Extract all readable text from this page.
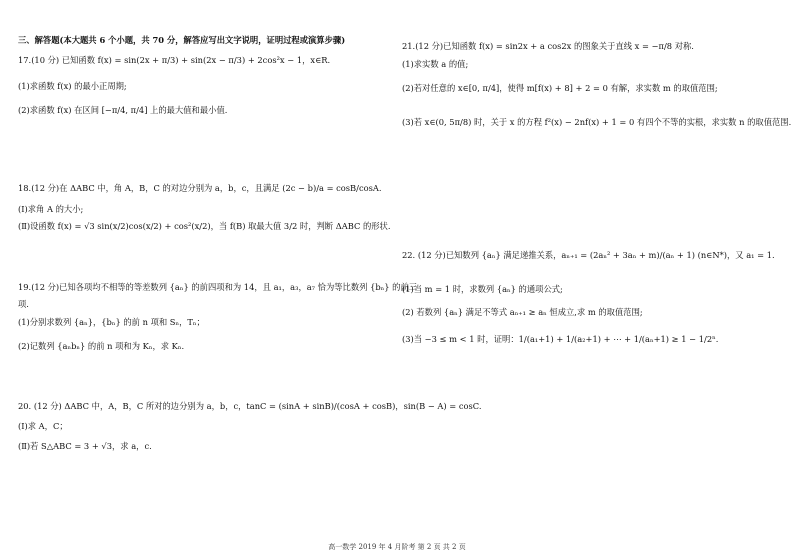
三、解答题(本大题共 6 个小题，共 70 分，解答应写出文字说明，证明过程或演算步骤)
17.(10 分) 已知函数 f(x) = sin(2x + π/3) + sin(2x − π/3) + 2cos²x − 1，x∈R.
(1)求函数 f(x) 的最小正周期;
(2)求函数 f(x) 在区间 [−π/4, π/4] 上的最大值和最小值.
18.(12 分)在 ΔABC 中，角 A，B，C 的对边分别为 a，b，c，且满足 (2c − b)/a = cosB/cosA.
(Ⅰ)求角 A 的大小;
(Ⅱ)设函数 f(x) = √3 sin(x/2)cos(x/2) + cos²(x/2)，当 f(B) 取最大值 3/2 时，判断 ΔABC 的形状.
19.(12 分)已知各项均不相等的等差数列 {aₙ} 的前四项和为 14，且 a₁，a₃，a₇ 恰为等比数列 {bₙ} 的前三
项.
(1)分别求数列 {aₙ}，{bₙ} 的前 n 项和 Sₙ，Tₙ；
(2)记数列 {aₙbₙ} 的前 n 项和为 Kₙ，求 Kₙ.
20. (12 分) ΔABC 中，A，B，C 所对的边分别为 a，b，c，tanC = (sinA + sinB)/(cosA + cosB)，sin(B − A) = cosC.
(Ⅰ)求 A，C；
(Ⅱ)若 S△ABC = 3 + √3，求 a，c.
21.(12 分)已知函数 f(x) = sin2x + a cos2x 的图象关于直线 x = −π/8 对称.
(1)求实数 a 的值;
(2)若对任意的 x∈[0, π/4]，使得 m[f(x) + 8] + 2 = 0 有解，求实数 m 的取值范围;
(3)若 x∈(0, 5π/8) 时，关于 x 的方程 f²(x) − 2nf(x) + 1 = 0 有四个不等的实根，求实数 n 的取值范围.
22. (12 分)已知数列 {aₙ} 满足递推关系，aₙ₊₁ = (2aₙ² + 3aₙ + m)/(aₙ + 1) (n∈N*)，又 a₁ = 1.
(1)当 m = 1 时，求数列 {aₙ} 的通项公式;
(2) 若数列 {aₙ} 满足不等式 aₙ₊₁ ≥ aₙ 恒成立,求 m 的取值范围;
(3)当 −3 ≤ m < 1 时，证明：1/(a₁+1) + 1/(a₂+1) + ⋯ + 1/(aₙ+1) ≥ 1 − 1/2ⁿ.
高一数学 2019 年 4 月阶考 第 2 页 共 2 页
